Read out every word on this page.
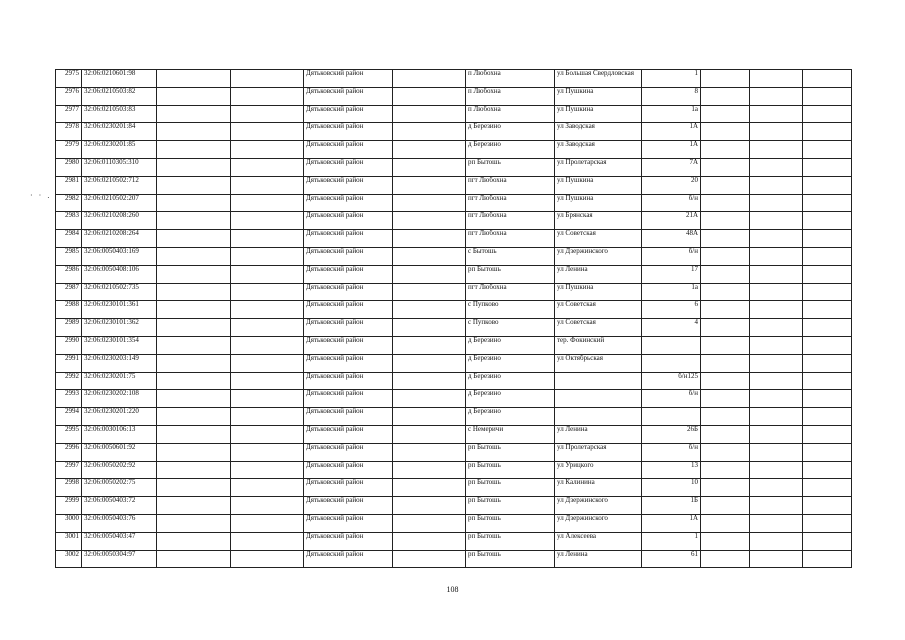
· · .
2975	32:06:0210601:98			Дятьковский район		п Любохна	ул Большая Свердловская	1			
2976	32:06:0210503:82			Дятьковский район		п Любохна	ул Пушкина	8			
2977	32:06:0210503:83			Дятьковский район		п Любохна	ул Пушкина	1а			
2978	32:06:0230201:84			Дятьковский район		д Березино	ул Заводская	1А			
2979	32:06:0230201:85			Дятьковский район		д Березино	ул Заводская	1А			
2980	32:06:0110305:310			Дятьковский район		рп Бытошь	ул Пролетарская	7А			
2981	32:06:0210502:712			Дятьковский район		пгт Любохна	ул Пушкина	20			
2982	32:06:0210502:207			Дятьковский район		пгт Любохна	ул Пушкина	б/н			
2983	32:06:0210208:260			Дятьковский район		пгт Любохна	ул Брянская	21А			
2984	32:06:0210208:264			Дятьковский район		пгт Любохна	ул Советская	48А			
2985	32:06:0050403:169			Дятьковский район		с Бытошь	ул Дзержинского	б/н			
2986	32:06:0050408:106			Дятьковский район		рп Бытошь	ул Ленина	17			
2987	32:06:0210502:735			Дятьковский район		пгт Любохна	ул Пушкина	1а			
2988	32:06:0230101:361			Дятьковский район		с Пупково	ул Советская	6			
2989	32:06:0230101:362			Дятьковский район		с Пупково	ул Советская	4			
2990	32:06:0230101:354			Дятьковский район		д Березино	тер. Фокинский				
2991	32:06:0230203:149			Дятьковский район		д Березино	ул Октябрьская				
2992	32:06:0230201:75			Дятьковский район		д Березино		б/н125			
2993	32:06:0230202:108			Дятьковский район		д Березино		б/н			
2994	32:06:0230201:220			Дятьковский район		д Березино					
2995	32:06:0030106:13			Дятьковский район		с Немеричи	ул Ленина	26Б			
2996	32:06:0050601:92			Дятьковский район		рп Бытошь	ул Пролетарская	б/н			
2997	32:06:0050202:92			Дятьковский район		рп Бытошь	ул Урицкого	13			
2998	32:06:0050202:75			Дятьковский район		рп Бытошь	ул Калинина	10			
2999	32:06:0050403:72			Дятьковский район		рп Бытошь	ул Дзержинского	1Б			
3000	32:06:0050403:76			Дятьковский район		рп Бытошь	ул Дзержинского	1А			
3001	32:06:0050403:47			Дятьковский район		рп Бытошь	ул Алексеева	1			
3002	32:06:0050304:97			Дятьковский район		рп Бытошь	ул Ленина	61			
108
